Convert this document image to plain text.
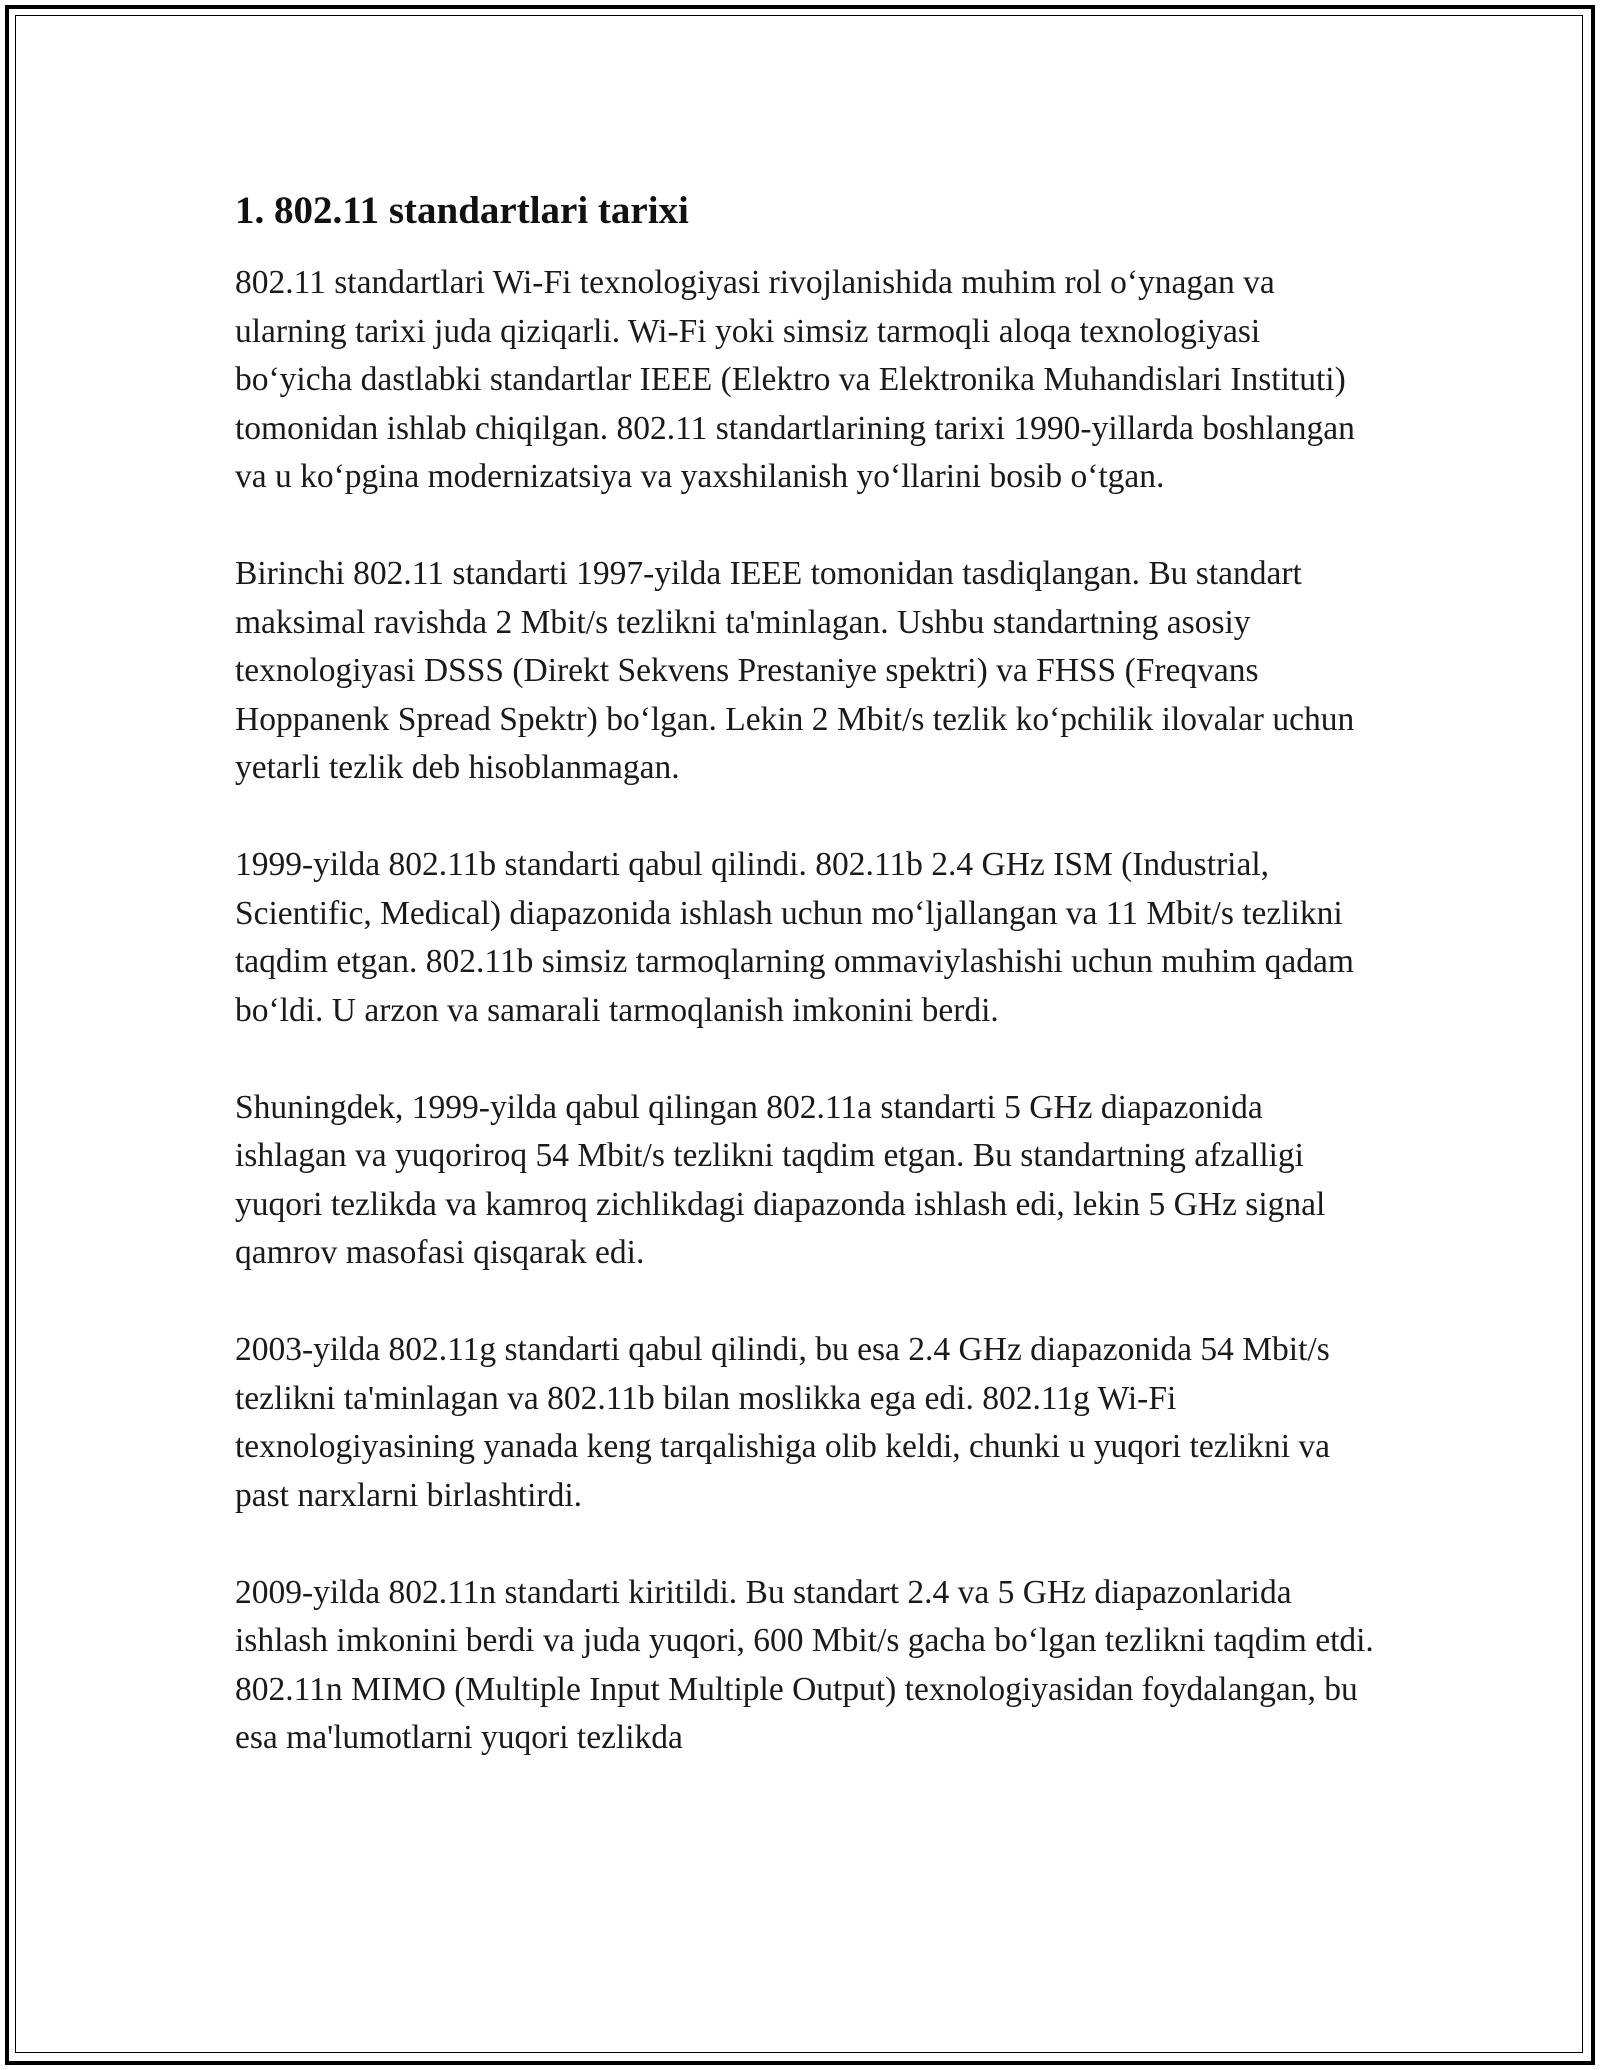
1. 802.11 standartlari tarixi

802.11 standartlari Wi-Fi texnologiyasi rivojlanishida muhim rol oʻynagan va ularning tarixi juda qiziqarli. Wi-Fi yoki simsiz tarmoqli aloqa texnologiyasi boʻyicha dastlabki standartlar IEEE (Elektro va Elektronika Muhandislari Instituti) tomonidan ishlab chiqilgan. 802.11 standartlarining tarixi 1990-yillarda boshlangan va u koʻpgina modernizatsiya va yaxshilanish yoʻllarini bosib oʻtgan.

Birinchi 802.11 standarti 1997-yilda IEEE tomonidan tasdiqlangan. Bu standart maksimal ravishda 2 Mbit/s tezlikni ta'minlagan. Ushbu standartning asosiy texnologiyasi DSSS (Direkt Sekvens Prestaniye spektri) va FHSS (Freqvans Hoppanenk Spread Spektr) boʻlgan. Lekin 2 Mbit/s tezlik koʻpchilik ilovalar uchun yetarli tezlik deb hisoblanmagan.

1999-yilda 802.11b standarti qabul qilindi. 802.11b 2.4 GHz ISM (Industrial, Scientific, Medical) diapazonida ishlash uchun moʻljallangan va 11 Mbit/s tezlikni taqdim etgan. 802.11b simsiz tarmoqlarning ommaviylashishi uchun muhim qadam boʻldi. U arzon va samarali tarmoqlanish imkonini berdi.

Shuningdek, 1999-yilda qabul qilingan 802.11a standarti 5 GHz diapazonida ishlagan va yuqoriroq 54 Mbit/s tezlikni taqdim etgan. Bu standartning afzalligi yuqori tezlikda va kamroq zichlikdagi diapazonda ishlash edi, lekin 5 GHz signal qamrov masofasi qisqarak edi.

2003-yilda 802.11g standarti qabul qilindi, bu esa 2.4 GHz diapazonida 54 Mbit/s tezlikni ta'minlagan va 802.11b bilan moslikka ega edi. 802.11g Wi-Fi texnologiyasining yanada keng tarqalishiga olib keldi, chunki u yuqori tezlikni va past narxlarni birlashtirdi.

2009-yilda 802.11n standarti kiritildi. Bu standart 2.4 va 5 GHz diapazonlarida ishlash imkonini berdi va juda yuqori, 600 Mbit/s gacha boʻlgan tezlikni taqdim etdi. 802.11n MIMO (Multiple Input Multiple Output) texnologiyasidan foydalangan, bu esa ma'lumotlarni yuqori tezlikda
